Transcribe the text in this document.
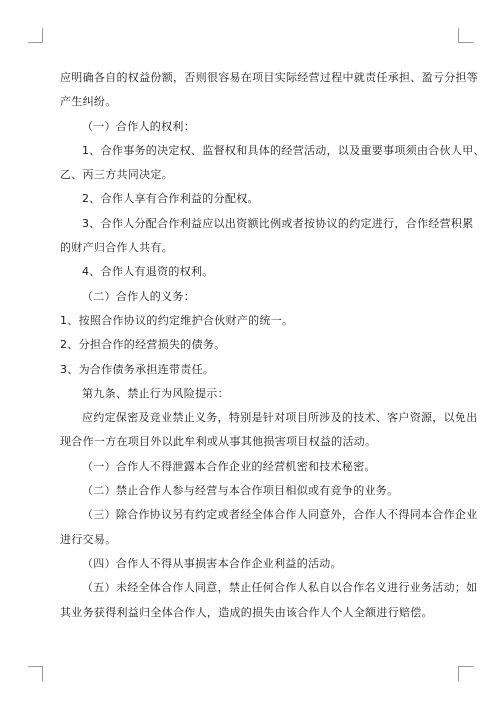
应明确各自的权益份额，否则很容易在项目实际经营过程中就责任承担、盈亏分担等

产生纠纷。

（一）合作人的权利：

1、合作事务的决定权、监督权和具体的经营活动，以及重要事项须由合伙人甲、

乙、丙三方共同决定。

2、合作人享有合作利益的分配权。

3、合作人分配合作利益应以出资额比例或者按协议的约定进行，合作经营积累

的财产归合作人共有。

4、合作人有退资的权利。

（二）合作人的义务：

1、按照合作协议的约定维护合伙财产的统一。

2、分担合作的经营损失的债务。

3、为合作债务承担连带责任。

第九条、禁止行为风险提示：

应约定保密及竞业禁止义务，特别是针对项目所涉及的技术、客户资源，以免出

现合作一方在项目外以此牟利或从事其他损害项目权益的活动。

（一）合作人不得泄露本合作企业的经营机密和技术秘密。

（二）禁止合作人参与经营与本合作项目相似或有竞争的业务。

（三）除合作协议另有约定或者经全体合作人同意外，合作人不得同本合作企业

进行交易。

（四）合作人不得从事损害本合作企业利益的活动。

（五）未经全体合作人同意，禁止任何合作人私自以合作名义进行业务活动；如

其业务获得利益归全体合作人，造成的损失由该合作人个人全额进行赔偿。
